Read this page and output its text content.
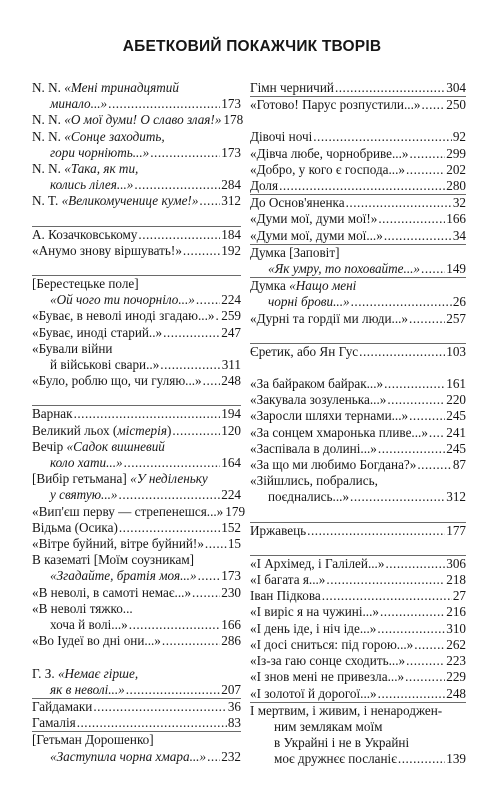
АБЕТКОВИЙ ПОКАЖЧИК ТВОРІВ
N. N. «Мені тринадцятий
минало...» .....	173
N. N. «О мої думи! О славо злая!» 178
N. N. «Сонце заходить,
гори чорніють...» .....	173
N. N. «Така, як ти,
колись лілея...» .....	284
N. T. «Великомученице куме!» ..... 312
А. Козачковському .....	184
«Анумо знову віршувать!» .....	192
[Берестецьке поле]
«Ой чого ти почорніло...» ..... 224
«Буває, в неволі иноді згадаю...» ..... 259
«Буває, иноді старий..» .....	247
«Бували війни
й військові свари..» .....	311
«Було, роблю що, чи гуляю...» ..... 248
Варнак .....	194
Великий льох (містерія) .....	120
Вечір «Садок вишневий
коло хати...» .....	164
[Вибір гетьмана] «У неділеньку
у святую...» .....	224
«Вип'єш перву — стрепенешся...» 179
Відьма (Осика) .....	152
«Вітре буйний, вітре буйний!» ..... 15
В казематі [Моїм соузникам]
«Згадайте, братія моя...» ..... 173
«В неволі, в самоті немає...» ..... 230
«В неволі тяжко...
хоча й волі...» .....	166
«Во Іудеї во дні они...» .....	286
Г. З. «Немає гірше,
як в неволі...» .....	207
Гайдамаки .....	36
Гамалія .....	83
[Гетьман Дорошенко]
«Заступила чорна хмара...» ..... 232
Гімн черничий .....	304
«Готово! Парус розпустили...» ..... 250
Дівочі ночі .....	92
«Дівча любе, чорнобриве...» .....	299
«Добро, у кого є господа...» .....	202
Доля .....	280
До Основ'яненка .....	32
«Думи мої, думи мої!» .....	166
«Думи мої, думи мої...» .....	34
Думка [Заповіт]
«Як умру, то поховайте...» ..... 149
Думка «Нащо мені
чорні брови...» .....	26
«Дурні та гордії ми люди...» .....	257
Єретик, або Ян Гус .....	103
«За байраком байрак...» .....	161
«Закувала зозуленька...» .....	220
«Заросли шляхи тернами...» .....	245
«За сонцем хмаронька пливе...» ..... 241
«Заспівала в долині...» .....	245
«За що ми любимо Богдана?» .....	87
«Зійшлись, побрались,
поєднались...» .....	312
Иржавець .....	177
«І Архімед, і Галілей...» .....	306
«І багата я...» .....	218
Іван Підкова .....	27
«І виріс я на чужині...» .....	216
«І день іде, і ніч іде...» .....	310
«І досі сниться: під горою...» ..... 262
«Із-за гаю сонце сходить...» .....	223
«І знов мені не привезла...» .....	229
«І золотої й дорогої...» .....	248
І мертвим, і живим, і ненароджен-
ним землякам моїм
в Украйні і не в Украйні
моє дружнєє посланіє .....	139
